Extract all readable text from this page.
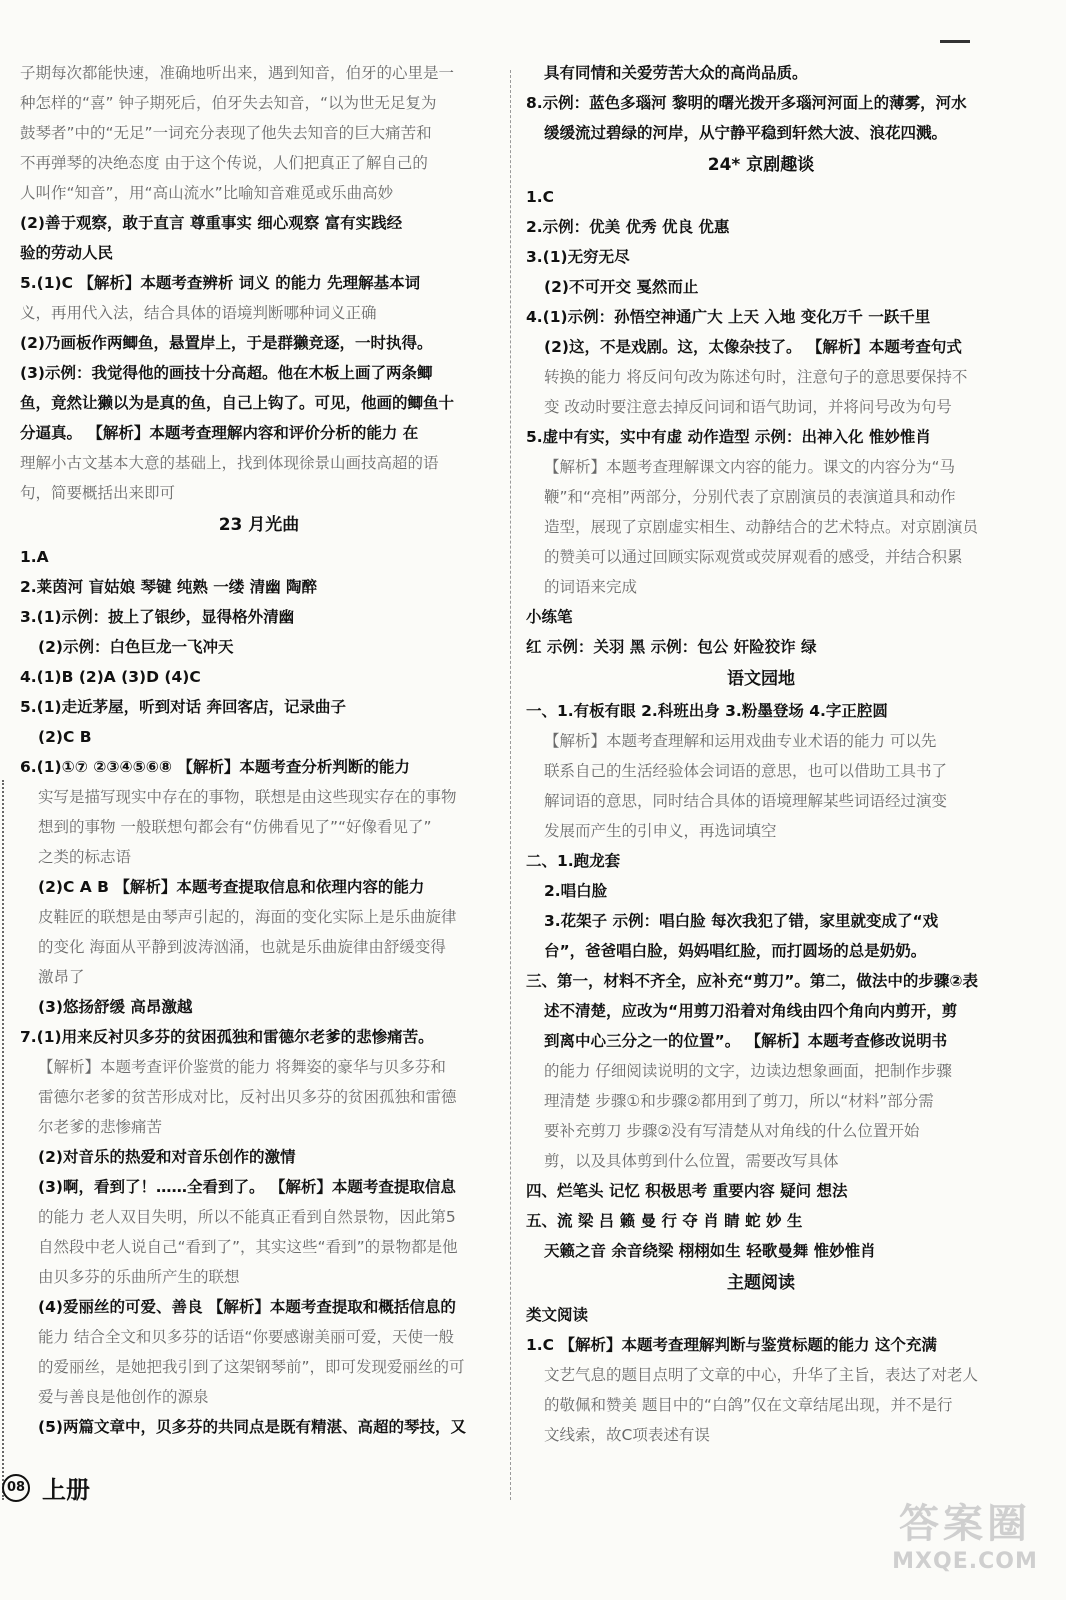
子期每次都能快速，准确地听出来，遇到知音，伯牙的心里是一
种怎样的“喜” 钟子期死后，伯牙失去知音，“以为世无足复为
鼓琴者”中的“无足”一词充分表现了他失去知音的巨大痛苦和
不再弹琴的决绝态度 由于这个传说，人们把真正了解自己的
人叫作“知音”，用“高山流水”比喻知音难觅或乐曲高妙
(2)善于观察，敢于直言 尊重事实 细心观察 富有实践经
验的劳动人民
5.(1)C 【解析】本题考查辨析 词义 的能力 先理解基本词
义，再用代入法，结合具体的语境判断哪种词义正确
(2)乃画板作两鲫鱼，悬置岸上，于是群獭竞逐，一时执得。
(3)示例：我觉得他的画技十分高超。他在木板上画了两条鲫
鱼，竟然让獭以为是真的鱼，自己上钩了。可见，他画的鲫鱼十
分逼真。 【解析】本题考查理解内容和评价分析的能力 在
理解小古文基本大意的基础上，找到体现徐景山画技高超的语
句，简要概括出来即可
23 月光曲
1.A
2.莱茵河 盲姑娘 琴键 纯熟 一缕 清幽 陶醉
3.(1)示例：披上了银纱，显得格外清幽
(2)示例：白色巨龙一飞冲天
4.(1)B (2)A (3)D (4)C
5.(1)走近茅屋，听到对话 奔回客店，记录曲子
(2)C B
6.(1)①⑦ ②③④⑤⑥⑧ 【解析】本题考查分析判断的能力
实写是描写现实中存在的事物，联想是由这些现实存在的事物
想到的事物 一般联想句都会有“仿佛看见了”“好像看见了”
之类的标志语
(2)C A B 【解析】本题考查提取信息和依理内容的能力
皮鞋匠的联想是由琴声引起的，海面的变化实际上是乐曲旋律
的变化 海面从平静到波涛汹涌，也就是乐曲旋律由舒缓变得
激昂了
(3)悠扬舒缓 高昂激越
7.(1)用来反衬贝多芬的贫困孤独和雷德尔老爹的悲惨痛苦。
【解析】本题考查评价鉴赏的能力 将舞姿的豪华与贝多芬和
雷德尔老爹的贫苦形成对比，反衬出贝多芬的贫困孤独和雷德
尔老爹的悲惨痛苦
(2)对音乐的热爱和对音乐创作的激情
(3)啊，看到了！……全看到了。 【解析】本题考查提取信息
的能力 老人双目失明，所以不能真正看到自然景物，因此第5
自然段中老人说自己“看到了”，其实这些“看到”的景物都是他
由贝多芬的乐曲所产生的联想
(4)爱丽丝的可爱、善良 【解析】本题考查提取和概括信息的
能力 结合全文和贝多芬的话语“你要感谢美丽可爱，天使一般
的爱丽丝，是她把我引到了这架钢琴前”，即可发现爱丽丝的可
爱与善良是他创作的源泉
(5)两篇文章中，贝多芬的共同点是既有精湛、高超的琴技，又
具有同情和关爱劳苦大众的高尚品质。
8.示例：蓝色多瑙河 黎明的曙光拨开多瑙河河面上的薄雾，河水
缓缓流过碧绿的河岸，从宁静平稳到轩然大波、浪花四溅。
24* 京剧趣谈
1.C
2.示例：优美 优秀 优良 优惠
3.(1)无穷无尽
(2)不可开交 戛然而止
4.(1)示例：孙悟空神通广大 上天 入地 变化万千 一跃千里
(2)这，不是戏剧。这，太像杂技了。 【解析】本题考查句式
转换的能力 将反问句改为陈述句时，注意句子的意思要保持不
变 改动时要注意去掉反问词和语气助词，并将问号改为句号
5.虚中有实，实中有虚 动作造型 示例：出神入化 惟妙惟肖
【解析】本题考查理解课文内容的能力。课文的内容分为“马
鞭”和“亮相”两部分，分别代表了京剧演员的表演道具和动作
造型，展现了京剧虚实相生、动静结合的艺术特点。对京剧演员
的赞美可以通过回顾实际观赏或荧屏观看的感受，并结合积累
的词语来完成
小练笔
红 示例：关羽 黑 示例：包公 奸险狡诈 绿
语文园地
一、1.有板有眼 2.科班出身 3.粉墨登场 4.字正腔圆
【解析】本题考查理解和运用戏曲专业术语的能力 可以先
联系自己的生活经验体会词语的意思，也可以借助工具书了
解词语的意思，同时结合具体的语境理解某些词语经过演变
发展而产生的引申义，再选词填空
二、1.跑龙套
2.唱白脸
3.花架子 示例：唱白脸 每次我犯了错，家里就变成了“戏
台”，爸爸唱白脸，妈妈唱红脸，而打圆场的总是奶奶。
三、第一，材料不齐全，应补充“剪刀”。第二，做法中的步骤②表
述不清楚，应改为“用剪刀沿着对角线由四个角向内剪开，剪
到离中心三分之一的位置”。 【解析】本题考查修改说明书
的能力 仔细阅读说明的文字，边读边想象画面，把制作步骤
理清楚 步骤①和步骤②都用到了剪刀，所以“材料”部分需
要补充剪刀 步骤②没有写清楚从对角线的什么位置开始
剪，以及具体剪到什么位置，需要改写具体
四、烂笔头 记忆 积极思考 重要内容 疑问 想法
五、流 梁 吕 籁 曼 行 夺 肖 睛 蛇 妙 生
天籁之音 余音绕梁 栩栩如生 轻歌曼舞 惟妙惟肖
主题阅读
类文阅读
1.C 【解析】本题考查理解判断与鉴赏标题的能力 这个充满
文艺气息的题目点明了文章的中心，升华了主旨，表达了对老人
的敬佩和赞美 题目中的“白鸽”仅在文章结尾出现，并不是行
文线索，故C项表述有误
08 上册
答案圈
MXQE.COM
